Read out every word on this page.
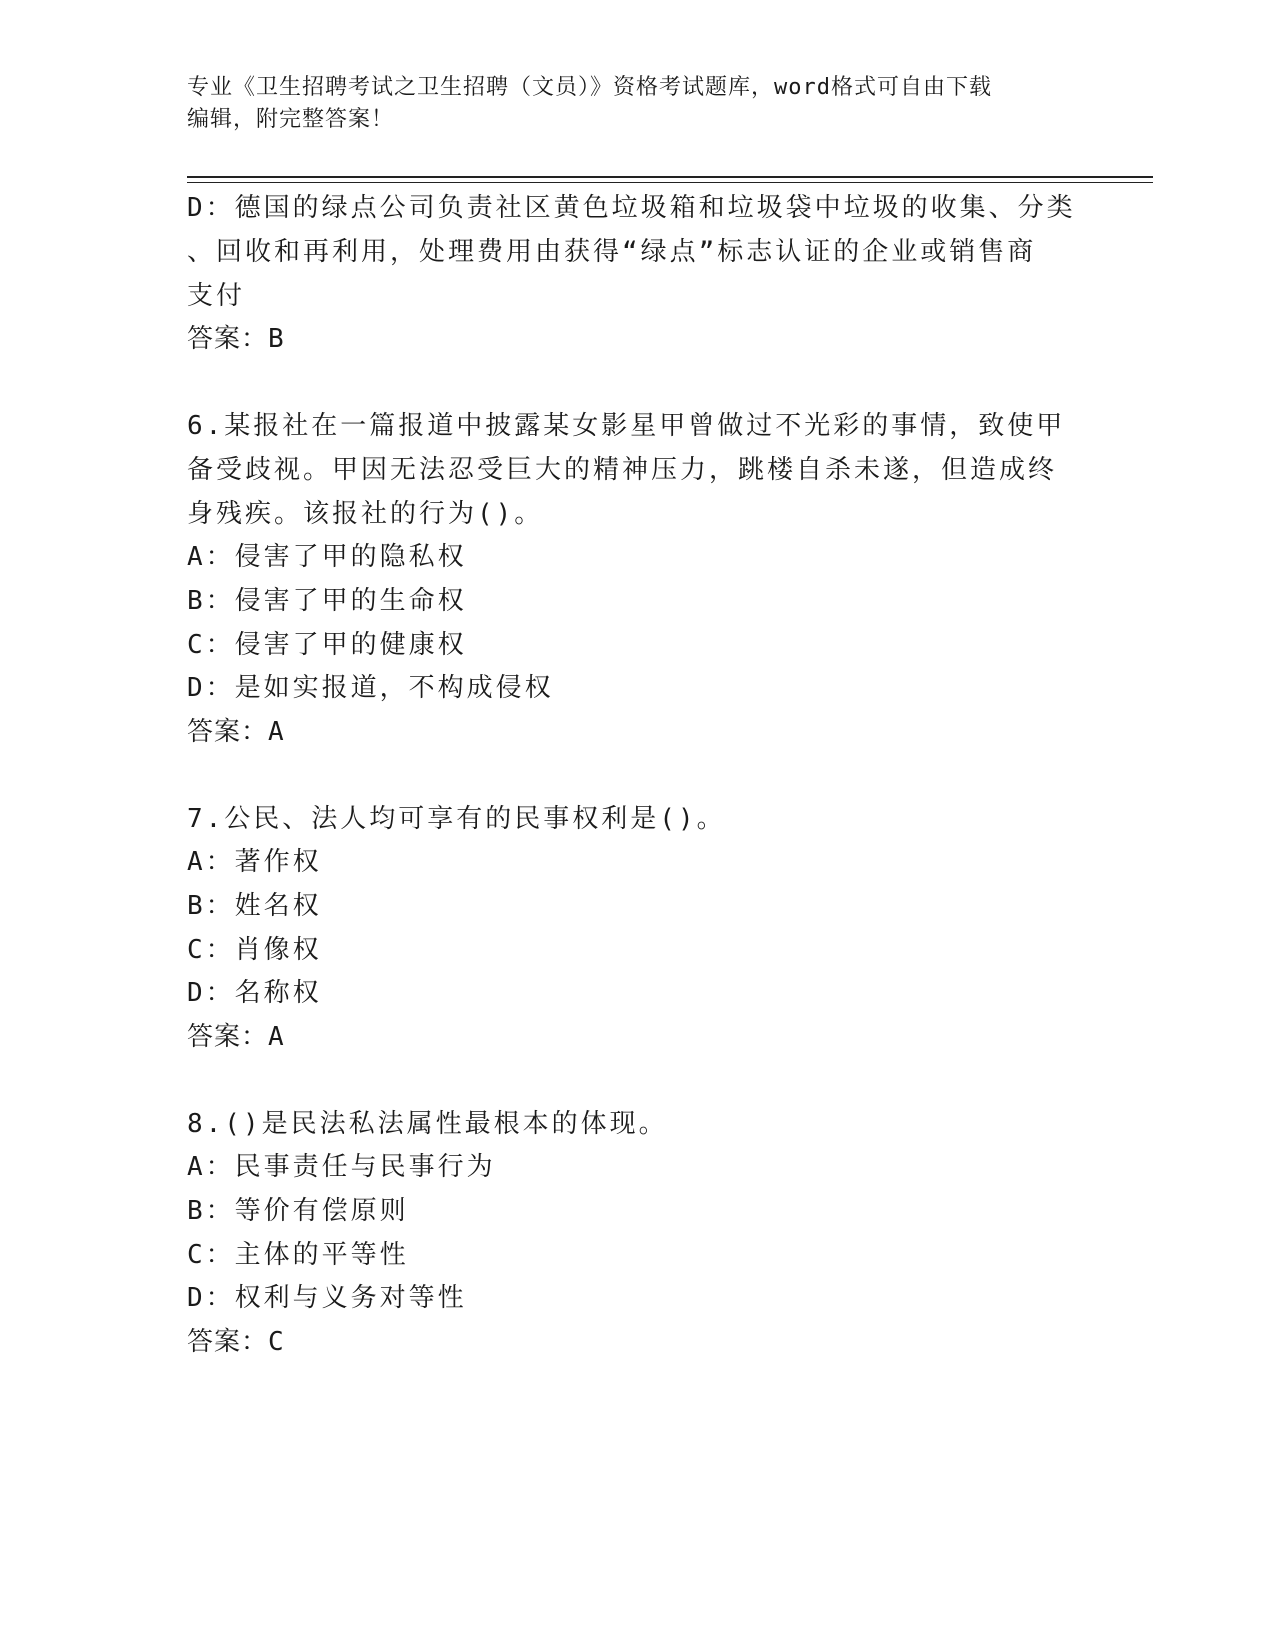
专业《卫生招聘考试之卫生招聘（文员）》资格考试题库，word格式可自由下载
编辑，附完整答案！
D：德国的绿点公司负责社区黄色垃圾箱和垃圾袋中垃圾的收集、分类
、回收和再利用，处理费用由获得“绿点”标志认证的企业或销售商
支付
答案：B
6.某报社在一篇报道中披露某女影星甲曾做过不光彩的事情，致使甲
备受歧视。甲因无法忍受巨大的精神压力，跳楼自杀未遂，但造成终
身残疾。该报社的行为()。
A：侵害了甲的隐私权
B：侵害了甲的生命权
C：侵害了甲的健康权
D：是如实报道，不构成侵权
答案：A
7.公民、法人均可享有的民事权利是()。
A：著作权
B：姓名权
C：肖像权
D：名称权
答案：A
8.()是民法私法属性最根本的体现。
A：民事责任与民事行为
B：等价有偿原则
C：主体的平等性
D：权利与义务对等性
答案：C
